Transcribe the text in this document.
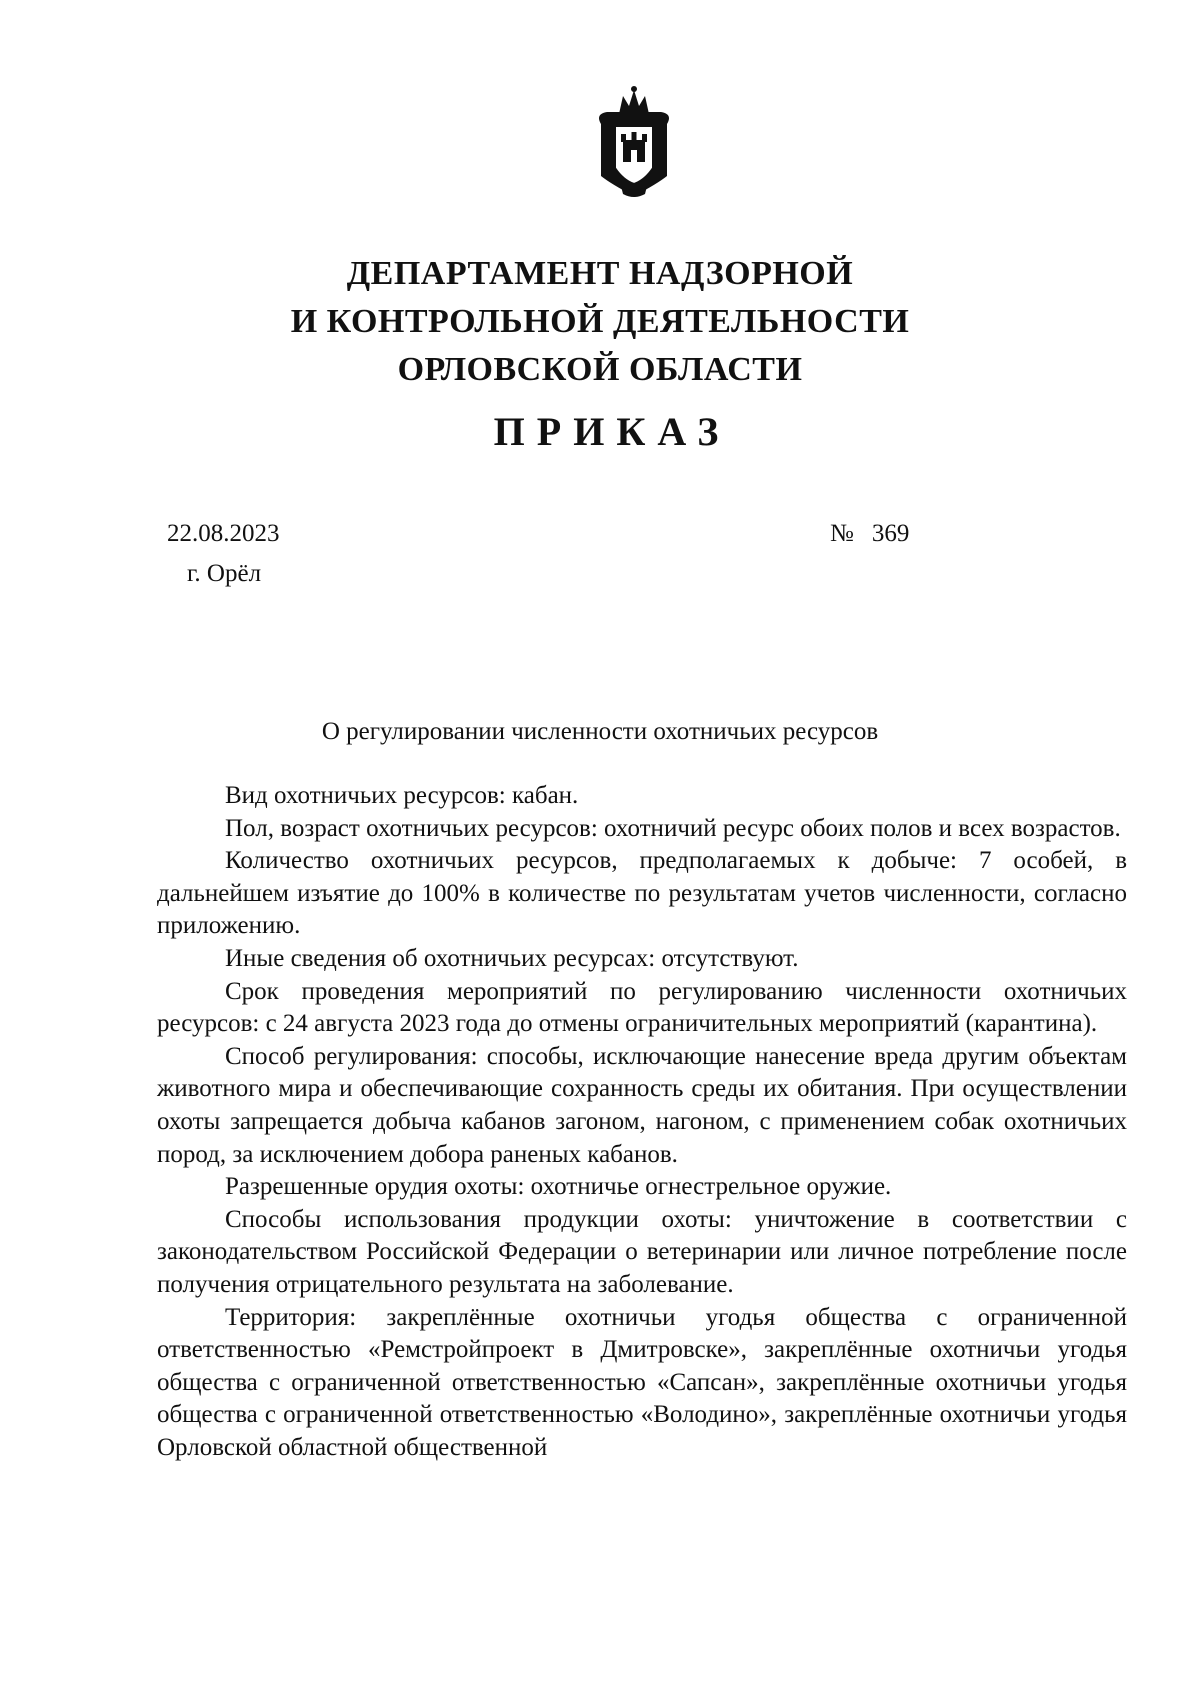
ДЕПАРТАМЕНТ НАДЗОРНОЙ
И КОНТРОЛЬНОЙ ДЕЯТЕЛЬНОСТИ
ОРЛОВСКОЙ ОБЛАСТИ
ПРИКАЗ
22.08.2023
г. Орёл
№ 369
О регулировании численности охотничьих ресурсов

Вид охотничьих ресурсов: кабан.

Пол, возраст охотничьих ресурсов: охотничий ресурс обоих полов и всех возрастов.

Количество охотничьих ресурсов, предполагаемых к добыче: 7 особей, в дальнейшем изъятие до 100% в количестве по результатам учетов численности, согласно приложению.

Иные сведения об охотничьих ресурсах: отсутствуют.

Срок проведения мероприятий по регулированию численности охотничьих ресурсов: с 24 августа 2023 года до отмены ограничительных мероприятий (карантина).

Способ регулирования: способы, исключающие нанесение вреда другим объектам животного мира и обеспечивающие сохранность среды их обитания. При осуществлении охоты запрещается добыча кабанов загоном, нагоном, с применением собак охотничьих пород, за исключением добора раненых кабанов.

Разрешенные орудия охоты: охотничье огнестрельное оружие.

Способы использования продукции охоты: уничтожение в соответствии с законодательством Российской Федерации о ветеринарии или личное потребление после получения отрицательного результата на заболевание.

Территория: закреплённые охотничьи угодья общества с ограниченной ответственностью «Ремстройпроект в Дмитровске», закреплённые охотничьи угодья общества с ограниченной ответственностью «Сапсан», закреплённые охотничьи угодья общества с ограниченной ответственностью «Володино», закреплённые охотничьи угодья Орловской областной общественной
